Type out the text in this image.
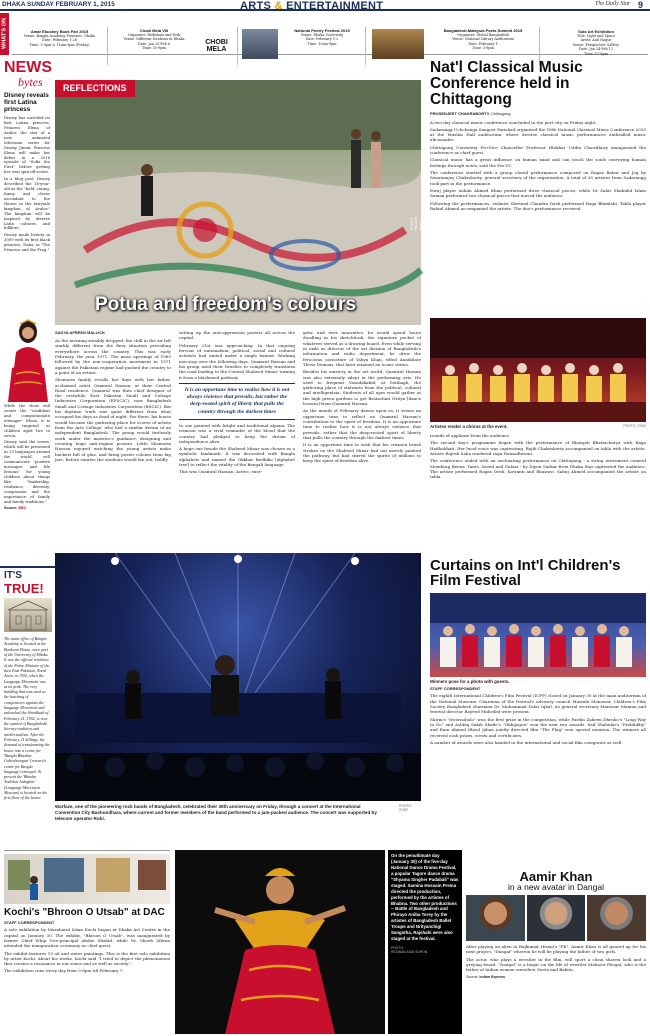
DHAKA SUNDAY FEBRUARY 1, 2015	ARTS & ENTERTAINMENT	The Daily Star 9
WHAT'S ON	Amar Ekushey Book Fair 2015
Venue: Bangla Academy Premises, Dhaka
Date: February 1-28
Time: 3-9pm & 11am-9pm (Friday)
Chobi Mela VIII
Organiser: Pathshala and Drik
Venue: Different locations in Dhaka
Date: Jan 23-Feb 6
Time: 10-8pm
CHOBI MELA
National Poetry Festival 2015
Venue: Dhaka University
Date: February 1-2
Time: 10am-9pm
Bangladesh-Malaysia Poets Summit 2015
Organiser: Global Bangladesh
Venue: National Library Auditorium
Date: February 1
Time: 3-8pm
Solo Art Exhibition
Title: Light and Space
Artist: Anil Haque
Venue: Perspective Gallery
Date: Jan 24-Feb 12
Time: 11-8pm
NEWS
bytes
Disney reveals first Latina princess

Disney has unveiled its first Latina princess. Princess Elena of Avalor, the star of a new animated television series for Disney Junior. Princess Elena will make her debut in a 2016 episode of "Sofia the First" before getting her own spin-off series.

In a blog post, Disney described the 16-year-old as the "bold, caring, funny and clever ascendant to the throne in the fairytale kingdom of Avalor." The kingdom will be inspired by diverse Latin cultures and folklore.

Disney made history in 2009 with its first black princess, Tiana, in "The Princess and the Frog."

While the show will centre the "confident and compassionate teenager" Elena, it is being targeted at children aged two to seven.

Disney said the series, which will be presented in 25 languages around the world, will communicate "positive messages and life lessons" for young children about things like "leadership, resilience, diversity, compassion and the importance of family and family traditions."

Source: BBC
IT'S
TRUE!
The main office of Bangla Academy is located at the Burdwan House, once part of the University of Dhaka. It was the official residence of the Prime Minister of the then East Pakistan, Nurul Amin, in 1952, when the Language Movement was at its peak. The very building that was used as the hatching of conspiracies against the language Movement and unleashed the bloodbath of February 21, 1952, is now the symbol of Bangladeshi literary tradition and intellectualism. After the February 21 killings, the demand of transforming the house into a centre for 'Bangla Bhashar Gobeshonagar' (research centre for Bangla language) emerged. At present the 'Bhasha Andolan Jadughar' (Language Movement Museum) is located on the first floor of the house.
REFLECTIONS
Potua and freedom's colours
PHOTO: PALASH KHAN
SADYA AFREEN MALLICK

As the morning steadily dropped, the chill in the air felt starkly different from the fiery situation prevailing everywhere across the country. This was early February, the year 1971. The mass uprisings of 1969 followed by the non-cooperation movement in 1971 against the Pakistani regime had pushed the country to a point of no return.

Shomoria family recalls her days with her father, acclaimed artist Quamrul Hassan, at their Central Road residence. Quamrul was then chief designer of the erstwhile East Pakistan Small and Cottage Industries Corporation (EPSCIC), now Bangladesh Small and Cottage Industries Corporation (BSCIC). But his daytime work was quite different from what occupied his days as dead of night. For there, his house would become the gathering place for scores of artists from the Arts College, who had a similar dream of an independent Bangladesh. The group would tirelessly work under the maestro's guidance, designing and creating huge anti-regime posters. Little Shomoria Hassan enjoyed watching the young artists make buckets full of glue, and bring poster colours from big jars. Before sunrise the students would fan out, boldly

setting up the anti-oppression posters all across the capital.

February 21st was approaching. In that ongoing fervour of nationalism, political, social and cultural activists had united under a single banner. Working non-stop over the following days, Quamrul Hassan and his group used their brushes to completely transform the road leading to the Central Shaheed Minar, turning it from a blackened pathway

It is an opportune time to realise how it is not always violence that prevails, but rather the deep-rooted spirit of liberty that pulls the country through the darkest times

to one painted with bright and traditional alpana. The crimson was a vivid reminder of the blood that the country had pledged to keep the dream of independence alive.

A huge one beside the Shaheed Minar was chosen as a symbolic landmark. It was decorated with Bangla alphabets and named the Okkhar Bedhiko [alphabet tree] to reflect the vitality of the Bengali language.

This was Quamrul Hassan. Active, ener-

getic and ever innovative, he would spend hours doodling in his sketchbook, the signature pocket of whatever served as a drawing board. Even while serving in exile as director of the art division of Bangladesh's information and radio department, he drew the ferocious caricature of Yahya Khan, titled Annihilate These Demons, that later attained an iconic status.

Besides his mastery in the art world, Quamrul Hassan was also extremely adept in the performing arts. He used to frequent Vasudakabid, at Patibagh, the gathering place of stalwarts from the political, cultural and intelligentsia. Students of all ages would gather at the high green gardens to get Bratachari Nritya [dance lessons] from Quamrul Hassan.

As the month of February dawns upon us, it seems an opportune time to reflect on Quamrul Hassan's contribution to the spirit of freedom. It is an opportune time to realise how it is not always violence that prevails, rather that the deep-rooted spirit of liberty that pulls the country through the darkest times.

It is an opportune time to wish that his crimson brush strokes on the Shaheed Minar had not merely painted the pathway, but had stirred the spirits of millions to keep the spirit of freedom alive.

Nat'l Classical Music Conference held in Chittagong
PROSENJEET CHAKRABORTY, Chittagong

A two-day classical music conference concluded in the port city on Friday night.

Sadarangg Uchchanga Sangeet Parishad organised the 18th National Classical Music Conference 2015 at the Muslim Hall auditorium, where diverse classical music performances enthralled music aficionados.

Chittagong University Pro-Vice Chancellor Professor Iftekhar Uddin Chowdhury inaugurated the conference as chief guest.

Classical music has a great influence on human mind and can touch the souls conveying human feelings through notes, said the Pro-VC.

The conference started with a group choral performance composed on Ragas Bahar and Jog by Swarnanjoy Chakroborty, general secretary of the organisation. A total of 35 artistes from Sadarangg took part in the performance.

Esraj player Ashim Ahmed Khan performed three classical pieces, while Dr Sabir Shahidul Islam Suman performed two classical pieces that moved the audience.

Following the performances, violinist Sheemal Chandra Dash performed Raga Bhimlabi. Tabla player Rabiul Ahmed accompanied the artiste. The duo's performance received

Artistes render a chorus at the event.	PHOTO: STAR

rounds of applause from the audience.

The second day's programme began with the performance of Bhargob Bhattacharya with Raga Hadhabhati. Her lucid voice was captivating. Rajib Chakraborty accompanied on tabla with the artiste. Artiste Rajesh Saha rendered raga Hansadhwani.

The conference ended with an enchanting performance on Chittagong - a string instrument created Mondirag Beena. Tanvi, Saeed and Gulzar - by Dipon Sarkar from Dhaka that captivated the audience. The artiste performed Ragas Desh, Kowanti and Bhairavi. Sabuj Ahmed accompanied the artiste on tabla.

Warfaze, one of the pioneering rock bands of Bangladesh, celebrated their 30th anniversary on Friday, through a concert at the International Convention City Bashundhara, where current and former members of the band performed to a jam-packed audience. The concert was supported by telecom operator Robi.
PHOTO: STAR
Curtains on Int'l Children's Film Festival
Winners pose for a photo with guests.
STAFF CORRESPONDENT

The eighth International Children's Film Festival (ICFF) closed on January 30 at the main auditorium of the National Museum. Chairman of the festival's advisory council Mustafa Monowar, Children's Film Society Bangladesh chairman Dr. Muhammad Zafar Iqbal, its general secretary Muntasir Mamun and festival director Rayeed Muhrded were present.

Shirin's "Swornoholo" won the first prize in the competition, while Fardin Zaheen Dhrubo's "Long Way to Go" and Ashfaq Sakib Shafie's "Obhijogon" won the next two awards. Saif Shahidat's "Probhikhy" and Rain Ahmed Iftizul Jahan jointly directed film "The Flag" won special mention. The winners all received cash prizes, crests and certificates.

A number of awards were also handed in the international and social film categories as well.

Kochi's "Bhroon O Utsab" at DAC
STAFF CORRESPONDENT

A solo exhibition by Mazaharul Islam Kochi began at Dhaka Art Centre in the capital on January 30. The exhibit, "Bhroon O Utsab", was inaugurated by former Chief Whip Vice-principal Abdus Shahid, while Dr. Shoeb Zibran attended the inauguration ceremony as chief guest.

The exhibit features 19 oil and water paintings. This is the first solo exhibition by artist Kochi. About his works, Kochi said "I tried to depict the phenomenon that creates a resonance in our sense and as well as society."

The exhibition runs every day from 3-8pm till February 7.

On the penultimate day (January 30) of the five-day National Dance Drama Festival, a popular Tagore dance drama "Shyama Singher Padabali" was staged. Samina Hossain Prema directed the production, performed by the artistes of Bhabna. Two other productions -- Battle of Bangladesh and Phirayo Aniba Torey by the artistes of Bangladesh Ballet Troupe and Nrityanchigi Sangstha, Rajshahi were also staged at the festival.
PHOTO:
REZWAN ASID SUPON
Aamir Khan
in a new avatar in Dangal

After playing an alien in Rajkumar Hirani's "PK", Aamir Khan is all geared up for his next project, "Dangal" wherein he will be playing the father of two girls.

The actor, who plays a wrestler in the film, will sport a clean shaven look and a greying beard. "Dangal" is a biopic on the life of wrestler Mahavir Phogat, who is the father of Indian women wrestlers Geeta and Babita.

Source: Indian Express
